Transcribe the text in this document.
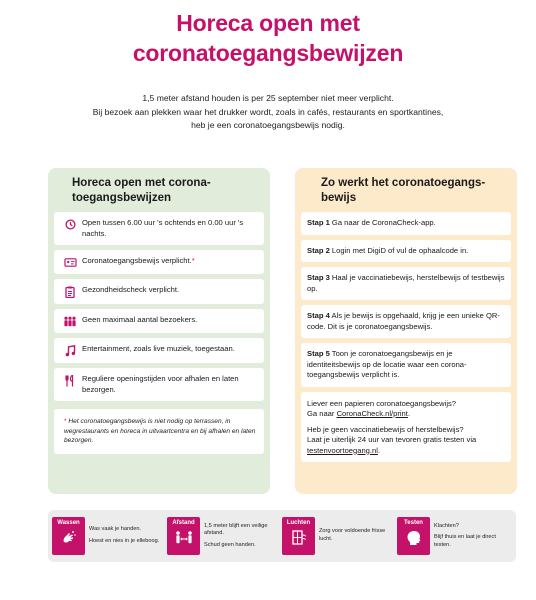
Horeca open met
coronatoegangsbewijzen
1,5 meter afstand houden is per 25 september niet meer verplicht.
Bij bezoek aan plekken waar het drukker wordt, zoals in cafés, restaurants en sportkantines,
heb je een coronatoegangsbewijs nodig.
Horeca open met corona-
toegangsbewijzen
Open tussen 6.00 uur 's ochtends en 0.00 uur 's nachts.
Coronatoegangsbewijs verplicht.*
Gezondheidscheck verplicht.
Geen maximaal aantal bezoekers.
Entertainment, zoals live muziek, toegestaan.
Reguliere openingstijden voor afhalen en laten bezorgen.
* Het coronatoegangsbewijs is niet nodig op terrassen, in wegrestaurants en horeca in uitvaartcentra en bij afhalen en laten bezorgen.
Zo werkt het coronatoegangs-
bewijs
Stap 1 Ga naar de CoronaCheck-app.
Stap 2 Login met DigiD of vul de ophaalcode in.
Stap 3 Haal je vaccinatiebewijs, herstelbewijs of testbewijs op.
Stap 4 Als je bewijs is opgehaald, krijg je een unieke QR-code. Dit is je coronatoegangsbewijs.
Stap 5 Toon je coronatoegangsbewijs en je identiteitsbewijs op de locatie waar een corona-toegangsbewijs verplicht is.
Liever een papieren coronatoegangsbewijs?
Ga naar CoronaCheck.nl/print.
Heb je geen vaccinatiebewijs of herstelbewijs?
Laat je uiterlijk 24 uur van tevoren gratis testen via
testenvoortoegang.nl.
Wassen
Was vaak je handen.
Hoest en nies in je elleboog.
Afstand 1,5 meter blijft een veilige afstand.
Schud geen handen.
Luchten
Zorg voor voldoende frisse lucht.
Testen Klachten?
Blijf thuis en laat je direct testen.
